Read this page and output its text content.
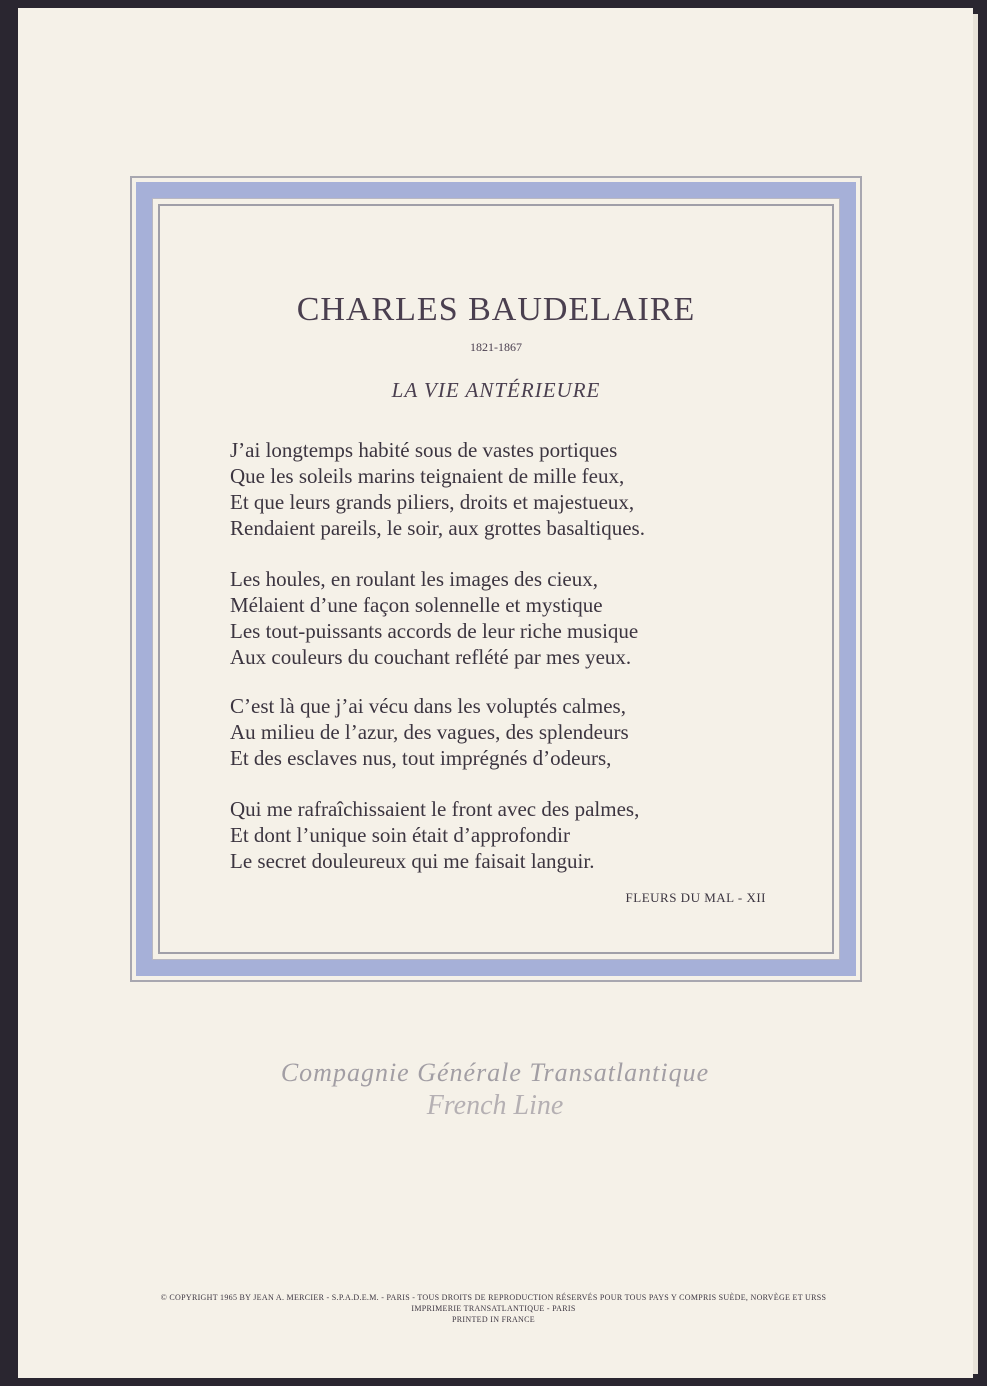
CHARLES BAUDELAIRE
1821-1867
LA VIE ANTÉRIEURE
J’ai longtemps habité sous de vastes portiques
Que les soleils marins teignaient de mille feux,
Et que leurs grands piliers, droits et majestueux,
Rendaient pareils, le soir, aux grottes basaltiques.
Les houles, en roulant les images des cieux,
Mélaient d’une façon solennelle et mystique
Les tout-puissants accords de leur riche musique
Aux couleurs du couchant reflété par mes yeux.
C’est là que j’ai vécu dans les voluptés calmes,
Au milieu de l’azur, des vagues, des splendeurs
Et des esclaves nus, tout imprégnés d’odeurs,
Qui me rafraîchissaient le front avec des palmes,
Et dont l’unique soin était d’approfondir
Le secret douleureux qui me faisait languir.
FLEURS DU MAL - XII
Compagnie Générale Transatlantique
French Line
© COPYRIGHT 1965 BY JEAN A. MERCIER - S.P.A.D.E.M. - PARIS - TOUS DROITS DE REPRODUCTION RÉSERVÉS POUR TOUS PAYS Y COMPRIS SUÈDE, NORVÈGE ET URSS
IMPRIMERIE TRANSATLANTIQUE - PARIS
PRINTED IN FRANCE
